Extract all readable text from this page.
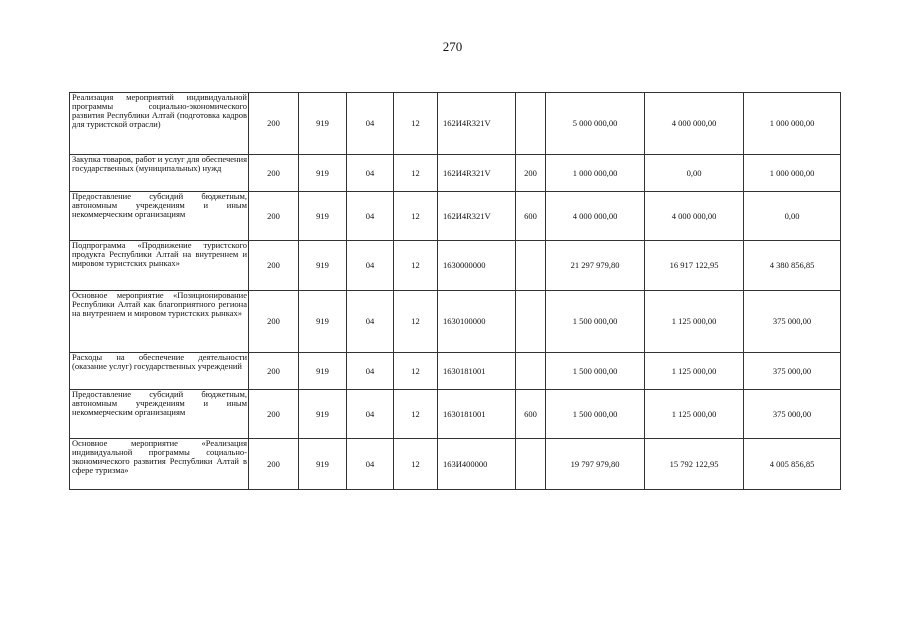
270
Реализация мероприятий индивидуальной программы социально-экономического развития Республики Алтай (подготовка кадров для туристской отрасли)	200	919	04	12	162И4R321V		5 000 000,00	4 000 000,00	1 000 000,00
Закупка товаров, работ и услуг для обеспечения государственных (муниципальных) нужд	200	919	04	12	162И4R321V	200	1 000 000,00	0,00	1 000 000,00
Предоставление субсидий бюджетным, автономным учреждениям и иным некоммерческим организациям	200	919	04	12	162И4R321V	600	4 000 000,00	4 000 000,00	0,00
Подпрограмма «Продвижение туристского продукта Республики Алтай на внутреннем и мировом туристских рынках»	200	919	04	12	1630000000		21 297 979,80	16 917 122,95	4 380 856,85
Основное мероприятие «Позиционирование Республики Алтай как благоприятного региона на внутреннем и мировом туристских рынках»	200	919	04	12	1630100000		1 500 000,00	1 125 000,00	375 000,00
Расходы на обеспечение деятельности (оказание услуг) государственных учреждений	200	919	04	12	1630181001		1 500 000,00	1 125 000,00	375 000,00
Предоставление субсидий бюджетным, автономным учреждениям и иным некоммерческим организациям	200	919	04	12	1630181001	600	1 500 000,00	1 125 000,00	375 000,00
Основное мероприятие «Реализация индивидуальной программы социально-экономического развития Республики Алтай в сфере туризма»	200	919	04	12	163И400000		19 797 979,80	15 792 122,95	4 005 856,85
